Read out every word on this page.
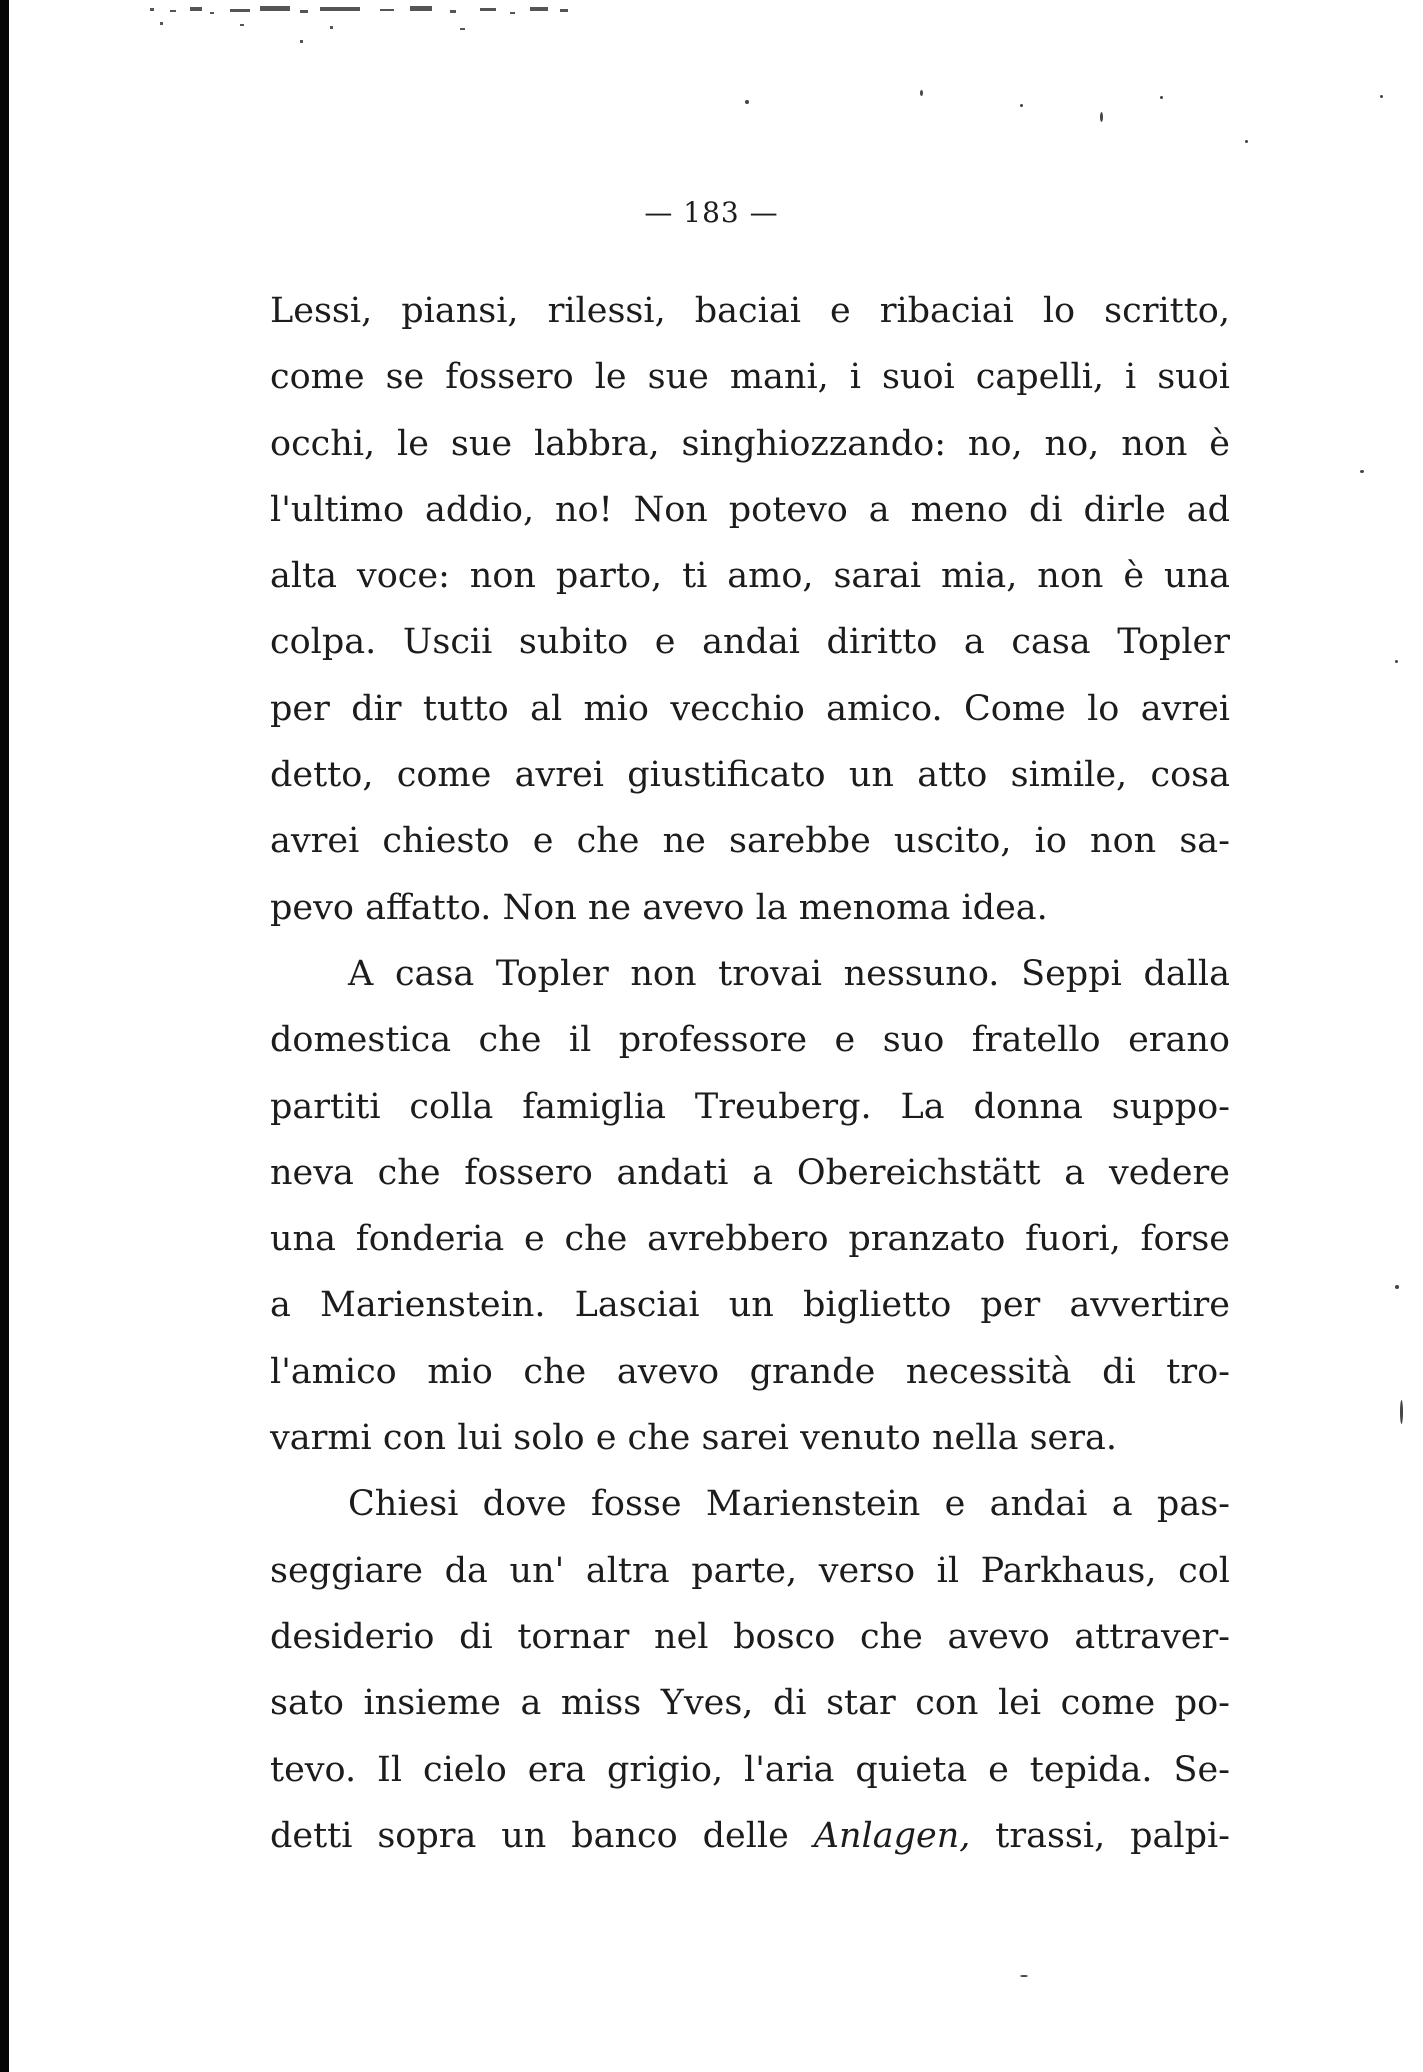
— 183 —
Lessi, piansi, rilessi, baciai e ribaciai lo scritto,
come se fossero le sue mani, i suoi capelli, i suoi
occhi, le sue labbra, singhiozzando: no, no, non è
l'ultimo addio, no! Non potevo a meno di dirle ad
alta voce: non parto, ti amo, sarai mia, non è una
colpa. Uscii subito e andai diritto a casa Topler
per dir tutto al mio vecchio amico. Come lo avrei
detto, come avrei giustificato un atto simile, cosa
avrei chiesto e che ne sarebbe uscito, io non sa-
pevo affatto. Non ne avevo la menoma idea.
A casa Topler non trovai nessuno. Seppi dalla
domestica che il professore e suo fratello erano
partiti colla famiglia Treuberg. La donna suppo-
neva che fossero andati a Obereichstätt a vedere
una fonderia e che avrebbero pranzato fuori, forse
a Marienstein. Lasciai un biglietto per avvertire
l'amico mio che avevo grande necessità di tro-
varmi con lui solo e che sarei venuto nella sera.
Chiesi dove fosse Marienstein e andai a pas-
seggiare da un' altra parte, verso il Parkhaus, col
desiderio di tornar nel bosco che avevo attraver-
sato insieme a miss Yves, di star con lei come po-
tevo. Il cielo era grigio, l'aria quieta e tepida. Se-
detti sopra un banco delle Anlagen, trassi, palpi-
